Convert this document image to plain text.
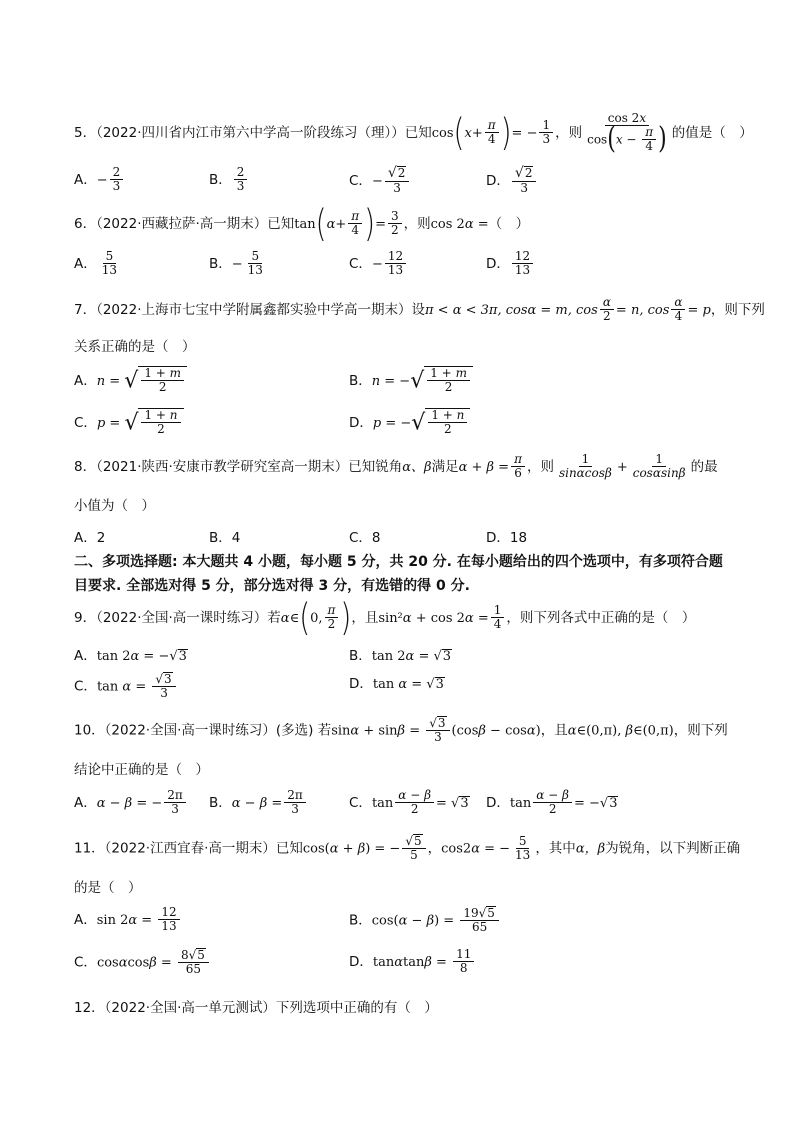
5．（2022·四川省内江市第六中学高一阶段练习（理））已知$\cos(x+ \frac{\pi}{4}$ )= − $\frac{1}{3}$ ，则 $\frac{\cos 2x}{\cos(x - \frac{\pi}{4} )}$ 的值是（　）
A．− $\frac{2}{3}$	B． $\frac{2}{3}$	C．− $\frac{√2}{3}$	D． $\frac{√2}{3}$
6．（2022·西藏拉萨·高一期末）已知$\tan(\alpha+ \frac{\pi}{4}$ )= $\frac{3}{2}$ ，则cos 2α =（　）
A． $\frac{5}{13}$	B．− $\frac{5}{13}$	C．− $\frac{12}{13}$	D． $\frac{12}{13}$
7．（2022·上海市七宝中学附属鑫都实验中学高一期末）设π < α < 3π, cosα = m, $\cos \frac{\alpha}{2} = n$, $\cos \frac{\alpha}{4} = p$，则下列
关系正确的是（　）
A．n = √ $\frac{1 + m}{2}$	B．n = −√ $\frac{1 + m}{2}$
C．p = √ $\frac{1 + n}{2}$	D．p = −√ $\frac{1 + n}{2}$
8．（2021·陕西·安康市教学研究室高一期末）已知锐角α、β满足$\alpha + \beta = \frac{\pi}{6}$ ，则 $\frac{1}{\sin\alpha\cos\beta} + \frac{1}{\cos\alpha\sin\beta}$ 的最
小值为（　）
A．2	B．4	C．8	D．18
二、多项选择题: 本大题共 4 小题，每小题 5 分，共 20 分. 在每小题给出的四个选项中，有多项符合题目要求. 全部选对得 5 分，部分选对得 3 分，有选错的得 0 分.
9．（2022·全国·高一课时练习）若α∈(0, $\frac{\pi}{2}$ )，且$\sin^2\alpha + \cos 2\alpha = \frac{1}{4}$ ，则下列各式中正确的是（　）
A．tan 2α = −√3	B．tan 2α = √3
C．$\tan \alpha = \frac{√3}{3}$	D．tan α = √3
10．（2022·全国·高一课时练习）(多选) 若$\sin\alpha + \sin\beta = \frac{√3}{3} (\cos\beta - \cos\alpha)$，且α∈(0,π), β∈(0,π)，则下列
结论中正确的是（　）
A．α − β = − $\frac{2\pi}{3}$ B．$\alpha - \beta = \frac{2\pi}{3}$	C．$\tan \frac{\alpha - \beta}{2} = √3$ D．$\tan \frac{\alpha - \beta}{2} = -√3$
11．（2022·江西宜春·高一期末）已知cos(α + β) = − $\frac{√5}{5}$ ，cos2α = − $\frac{5}{13}$ ，其中α，β为锐角，以下判断正确
的是（　）
A．$\sin 2\alpha = \frac{12}{13}$	B．$\cos(\alpha - \beta) = \frac{19√5}{65}$
C．$\cos\alpha\cos\beta = \frac{8√5}{65}$	D．$\tan\alpha\tan\beta = \frac{11}{8}$
12．（2022·全国·高一单元测试）下列选项中正确的有（　）
